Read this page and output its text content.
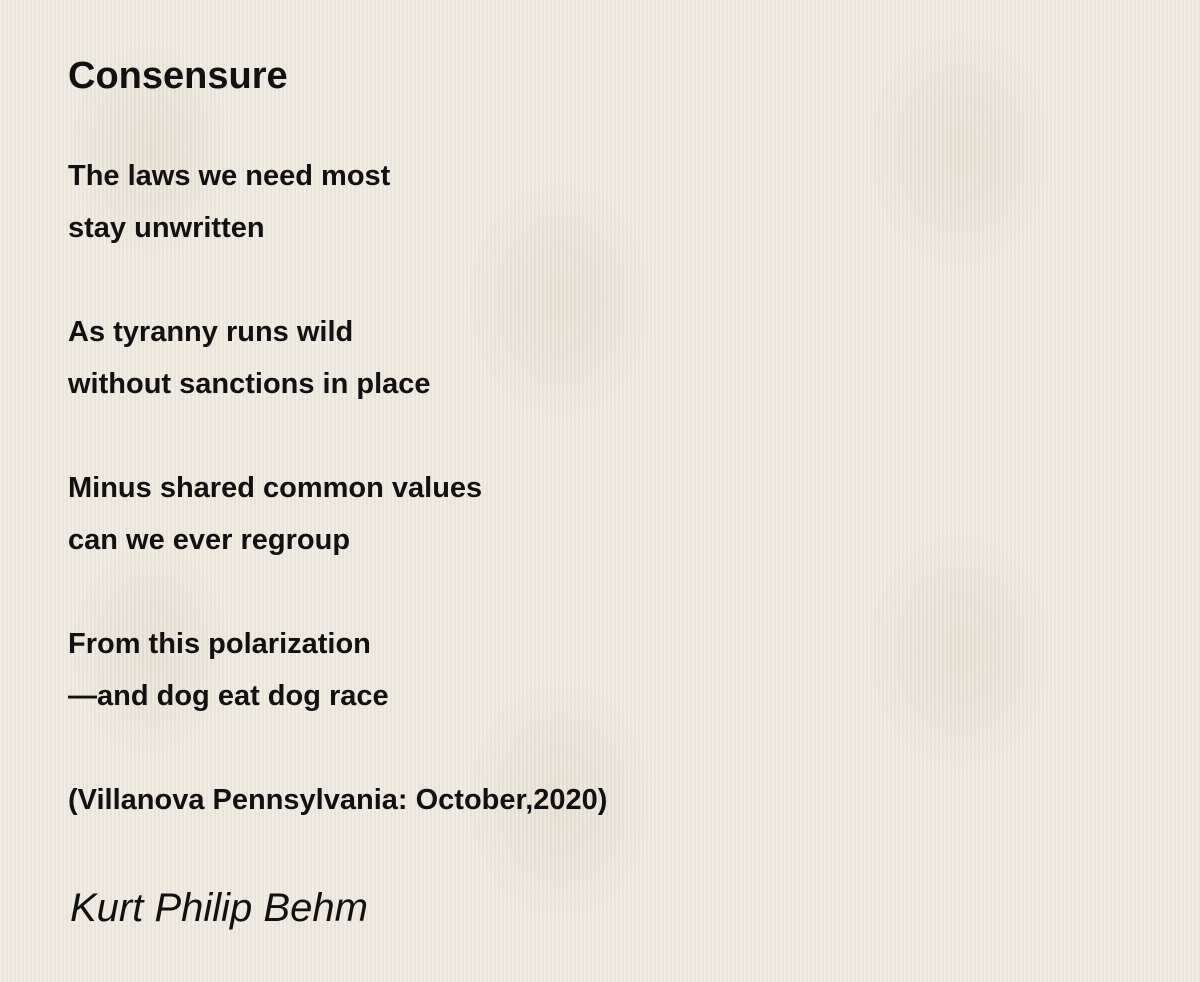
Consensure
The laws we need most
stay unwritten
As tyranny runs wild
without sanctions in place
Minus shared common values
can we ever regroup
From this polarization
—and dog eat dog race
(Villanova Pennsylvania: October,2020)
Kurt Philip Behm
